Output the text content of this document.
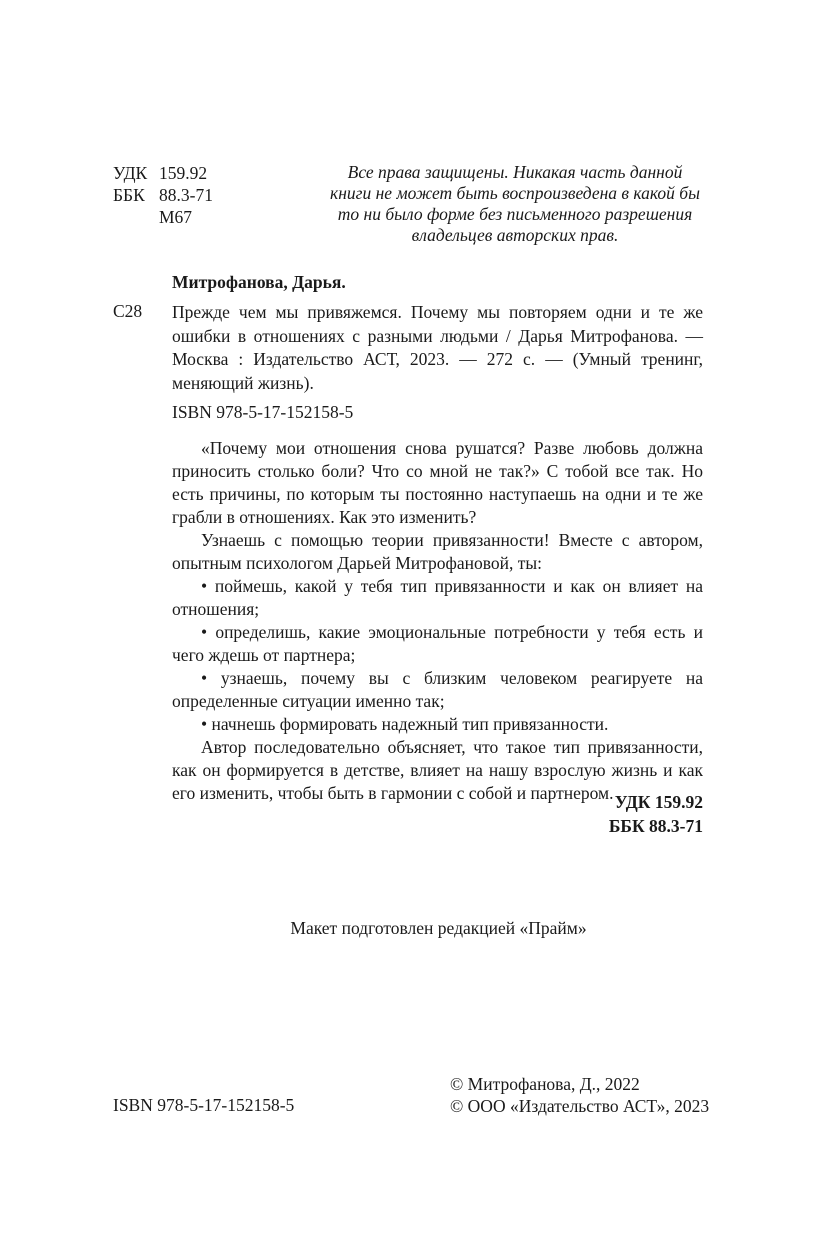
УДК 159.92
ББК 88.3-71
М67
Все права защищены. Никакая часть данной книги не может быть воспроизведена в какой бы то ни было форме без письменного разрешения владельцев авторских прав.
Митрофанова, Дарья.
С28 Прежде чем мы привяжемся. Почему мы повторяем одни и те же ошибки в отношениях с разными людьми / Дарья Митрофанова. — Москва : Издательство АСТ, 2023. — 272 с. — (Умный тренинг, меняющий жизнь).
ISBN 978-5-17-152158-5

«Почему мои отношения снова рушатся? Разве любовь должна приносить столько боли? Что со мной не так?» С тобой все так. Но есть причины, по которым ты постоянно наступаешь на одни и те же грабли в отношениях. Как это изменить?

Узнаешь с помощью теории привязанности! Вместе с автором, опытным психологом Дарьей Митрофановой, ты:

• поймешь, какой у тебя тип привязанности и как он влияет на отношения;

• определишь, какие эмоциональные потребности у тебя есть и чего ждешь от партнера;

• узнаешь, почему вы с близким человеком реагируете на определенные ситуации именно так;

• начнешь формировать надежный тип привязанности.

Автор последовательно объясняет, что такое тип привязанности, как он формируется в детстве, влияет на нашу взрослую жизнь и как его изменить, чтобы быть в гармонии с собой и партнером. УДК 159.92
ББК 88.3-71
Макет подготовлен редакцией «Прайм»
ISBN 978-5-17-152158-5
© Митрофанова, Д., 2022
© ООО «Издательство АСТ», 2023
